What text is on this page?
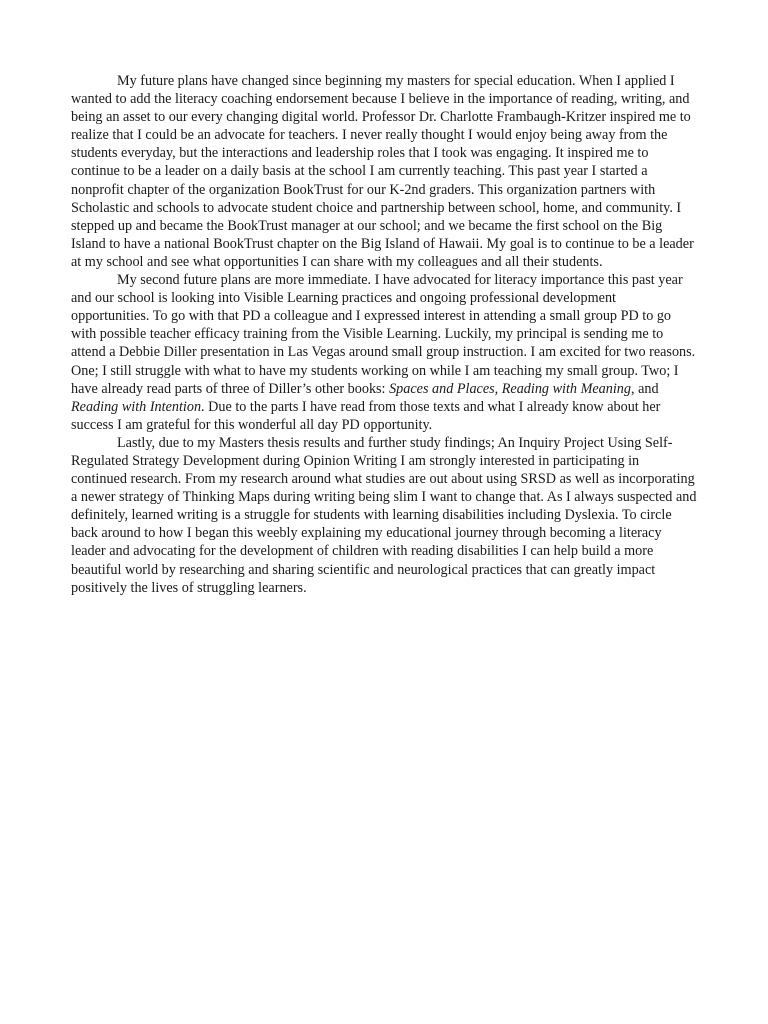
My future plans have changed since beginning my masters for special education. When I applied I wanted to add the literacy coaching endorsement because I believe in the importance of reading, writing, and being an asset to our every changing digital world. Professor Dr. Charlotte Frambaugh-Kritzer inspired me to realize that I could be an advocate for teachers. I never really thought I would enjoy being away from the students everyday, but the interactions and leadership roles that I took was engaging. It inspired me to continue to be a leader on a daily basis at the school I am currently teaching. This past year I started a nonprofit chapter of the organization BookTrust for our K-2nd graders. This organization partners with Scholastic and schools to advocate student choice and partnership between school, home, and community. I stepped up and became the BookTrust manager at our school; and we became the first school on the Big Island to have a national BookTrust chapter on the Big Island of Hawaii. My goal is to continue to be a leader at my school and see what opportunities I can share with my colleagues and all their students.

My second future plans are more immediate. I have advocated for literacy importance this past year and our school is looking into Visible Learning practices and ongoing professional development opportunities. To go with that PD a colleague and I expressed interest in attending a small group PD to go with possible teacher efficacy training from the Visible Learning. Luckily, my principal is sending me to attend a Debbie Diller presentation in Las Vegas around small group instruction. I am excited for two reasons. One; I still struggle with what to have my students working on while I am teaching my small group. Two; I have already read parts of three of Diller’s other books: Spaces and Places, Reading with Meaning, and Reading with Intention. Due to the parts I have read from those texts and what I already know about her success I am grateful for this wonderful all day PD opportunity.

Lastly, due to my Masters thesis results and further study findings; An Inquiry Project Using Self-Regulated Strategy Development during Opinion Writing I am strongly interested in participating in continued research. From my research around what studies are out about using SRSD as well as incorporating a newer strategy of Thinking Maps during writing being slim I want to change that. As I always suspected and definitely, learned writing is a struggle for students with learning disabilities including Dyslexia. To circle back around to how I began this weebly explaining my educational journey through becoming a literacy leader and advocating for the development of children with reading disabilities I can help build a more beautiful world by researching and sharing scientific and neurological practices that can greatly impact positively the lives of struggling learners.
